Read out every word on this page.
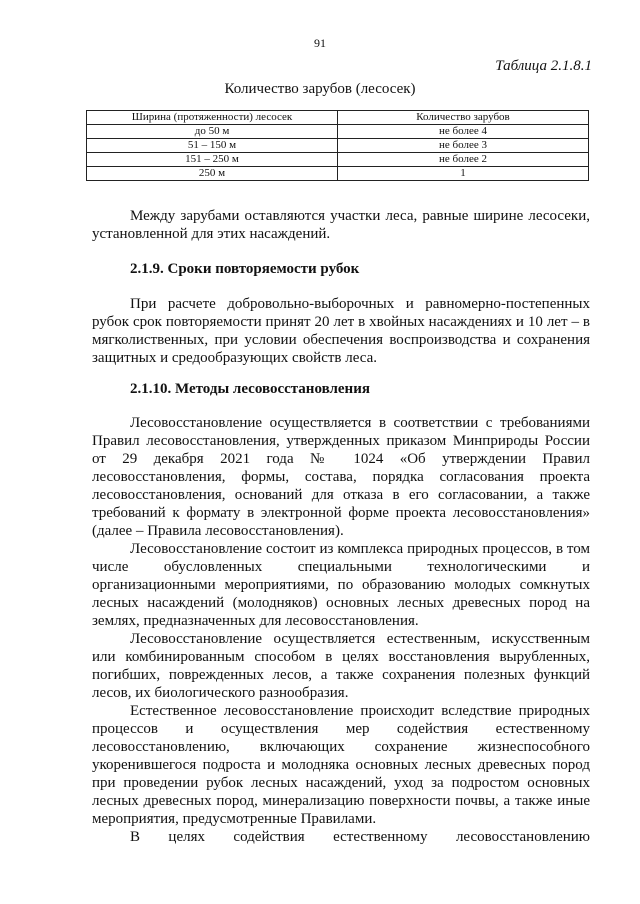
91
Таблица 2.1.8.1
Количество зарубов (лесосек)
Ширина (протяженности) лесосек	Количество зарубов
до 50 м	не более 4
51 – 150 м	не более 3
151 – 250 м	не более 2
250 м	1

Между зарубами оставляются участки леса, равные ширине лесосеки, установленной для этих насаждений.

2.1.9. Сроки повторяемости рубок

При расчете добровольно-выборочных и равномерно-постепенных рубок срок повторяемости принят 20 лет в хвойных насаждениях и 10 лет – в мягколиственных, при условии обеспечения воспроизводства и сохранения защитных и средообразующих свойств леса.

2.1.10. Методы лесовосстановления

Лесовосстановление осуществляется в соответствии с требованиями Правил лесовосстановления, утвержденных приказом Минприроды России от 29 декабря 2021 года № 1024 «Об утверждении Правил лесовосстановления, формы, состава, порядка согласования проекта лесовосстановления, оснований для отказа в его согласовании, а также требований к формату в электронной форме проекта лесовосстановления» (далее – Правила лесовосстановления).

Лесовосстановление состоит из комплекса природных процессов, в том числе обусловленных специальными технологическими и организационными мероприятиями, по образованию молодых сомкнутых лесных насаждений (молодняков) основных лесных древесных пород на землях, предназначенных для лесовосстановления.

Лесовосстановление осуществляется естественным, искусственным или комбинированным способом в целях восстановления вырубленных, погибших, поврежденных лесов, а также сохранения полезных функций лесов, их биологического разнообразия.

Естественное лесовосстановление происходит вследствие природных процессов и осуществления мер содействия естественному лесовосстановлению, включающих сохранение жизнеспособного укоренившегося подроста и молодняка основных лесных древесных пород при проведении рубок лесных насаждений, уход за подростом основных лесных древесных пород, минерализацию поверхности почвы, а также иные мероприятия, предусмотренные Правилами.

В целях содействия естественному лесовосстановлению
